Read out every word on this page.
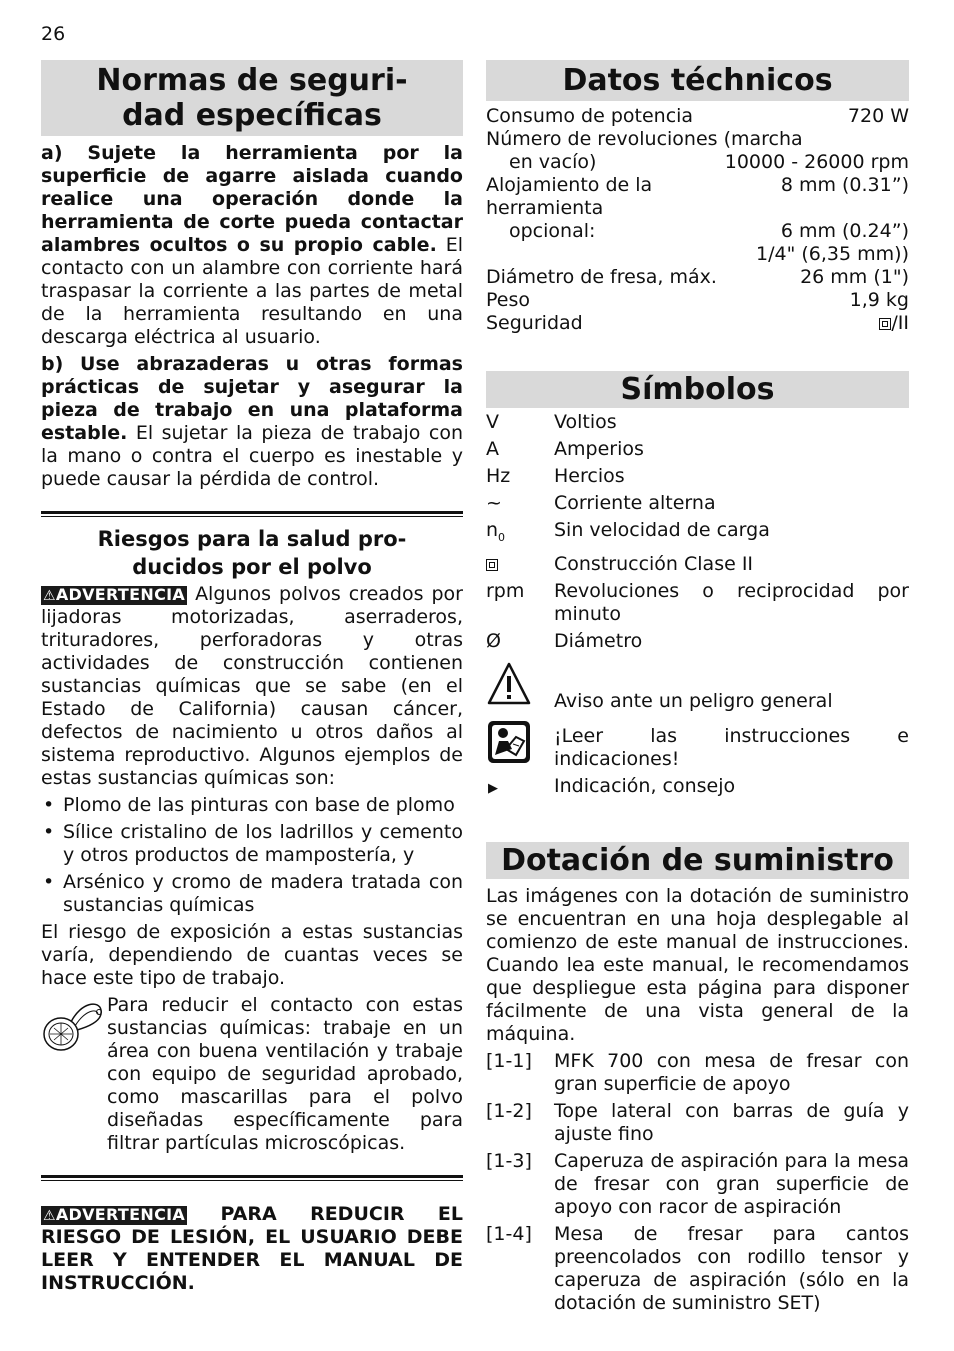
26
Normas de seguri-
dad específicas

a) Sujete la herramienta por la superficie de agarre aislada cuando realice una operación donde la herramienta de corte pueda contactar alambres ocultos o su propio cable. El contacto con un alambre con corriente hará traspasar la corriente a las partes de metal de la herramienta resultando en una descarga eléctrica al usuario.

b) Use abrazaderas u otras formas prácticas de sujetar y asegurar la pieza de trabajo en una plataforma estable. El sujetar la pieza de trabajo con la mano o contra el cuerpo es inestable y puede causar la pérdida de control.

Riesgos para la salud pro-
ducidos por el polvo

⚠ADVERTENCIA Algunos polvos creados por lijadoras motorizadas, aserraderos, trituradores, perforadoras y otras actividades de construcción contienen sustancias químicas que se sabe (en el Estado de California) causan cáncer, defectos de nacimiento u otros daños al sistema reproductivo. Algunos ejemplos de estas sustancias químicas son:

• Plomo de las pinturas con base de plomo
• Sílice cristalino de los ladrillos y cemento y otros productos de mampostería, y
• Arsénico y cromo de madera tratada con sustancias químicas

El riesgo de exposición a estas sustancias varía, dependiendo de cuantas veces se hace este tipo de trabajo.

Para reducir el contacto con estas sustancias químicas: trabaje en un área con buena ventilación y trabaje con equipo de seguridad aprobado, como mascarillas para el polvo diseñadas específicamente para filtrar partículas microscópicas.

⚠ADVERTENCIA PARA REDUCIR EL RIESGO DE LESIÓN, EL USUARIO DEBE LEER Y ENTENDER EL MANUAL DE INSTRUCCIÓN.

Datos téchnicos
Consumo de potencia	720 W
Número de revoluciones (marcha	
en vacío)	10000 - 26000 rpm
Alojamiento de la herramienta	8 mm (0.31”)
opcional:	6 mm (0.24”)
	1/4" (6,35 mm))
Diámetro de fresa, máx.	26 mm (1")
Peso	1,9 kg
Seguridad	/II
Símbolos
V	Voltios
A	Amperios
Hz	Hercios
~	Corriente alterna
$n_0$	Sin velocidad de carga
Construcción Clase II
rpm	Revoluciones o reciprocidad por minuto
Ø	Diámetro
Aviso ante un peligro general
¡Leer las instrucciones e indicaciones!
▶	Indicación, consejo
Dotación de suministro

Las imágenes con la dotación de suministro se encuentran en una hoja desplegable al comienzo de este manual de instrucciones. Cuando lea este manual, le recomendamos que despliegue esta página para disponer fácilmente de una vista general de la máquina.

[1-1]	MFK 700 con mesa de fresar con gran superficie de apoyo
[1-2]	Tope lateral con barras de guía y ajuste fino
[1-3]	Caperuza de aspiración para la mesa de fresar con gran superficie de apoyo con racor de aspiración
[1-4]	Mesa de fresar para cantos preencolados con rodillo tensor y caperuza de aspiración (sólo en la dotación de suministro SET)
